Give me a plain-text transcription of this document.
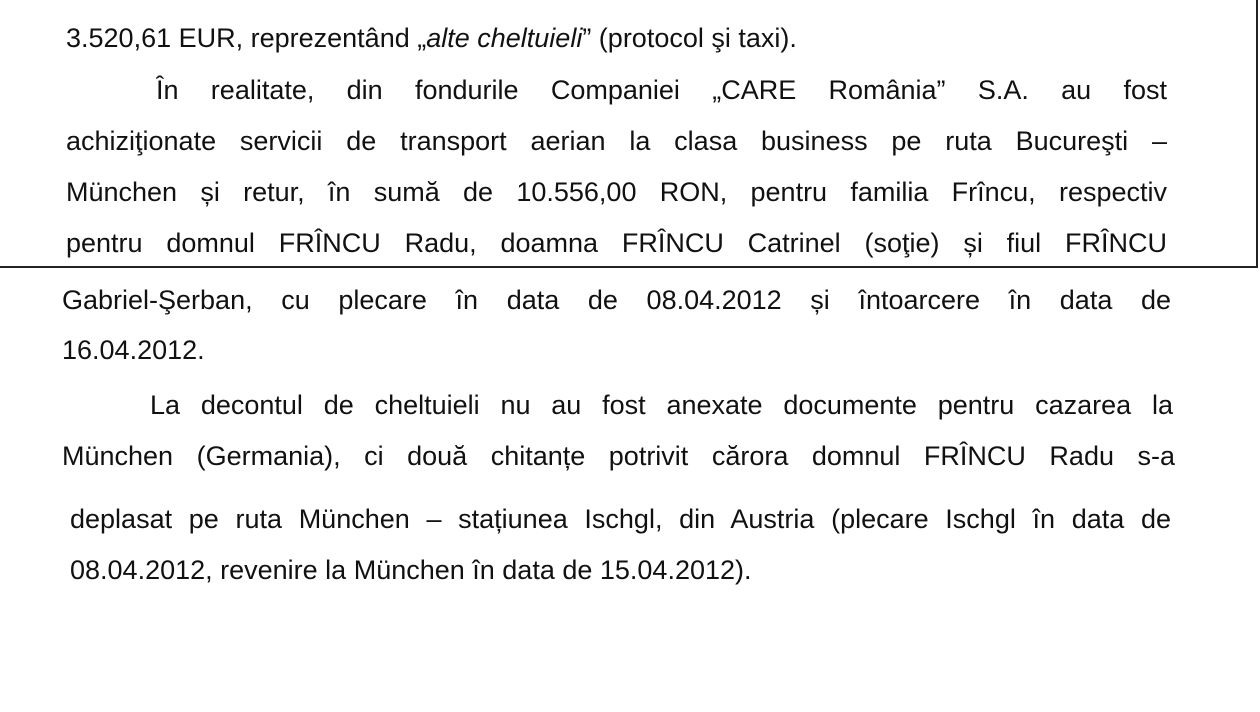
3.520,61 EUR, reprezentând „alte cheltuieli” (protocol şi taxi).
În realitate, din fondurile Companiei „CARE România” S.A. au fost
achiziţionate servicii de transport aerian la clasa business pe ruta Bucureşti –
München și retur, în sumă de 10.556,00 RON, pentru familia Frîncu, respectiv
pentru domnul FRÎNCU Radu, doamna FRÎNCU Catrinel (soţie) și fiul FRÎNCU
Gabriel-Şerban, cu plecare în data de 08.04.2012 și întoarcere în data de
16.04.2012.
La decontul de cheltuieli nu au fost anexate documente pentru cazarea la
München (Germania), ci două chitanțe potrivit cărora domnul FRÎNCU Radu s-a
deplasat pe ruta München – stațiunea Ischgl, din Austria (plecare Ischgl în data de
08.04.2012, revenire la München în data de 15.04.2012).
